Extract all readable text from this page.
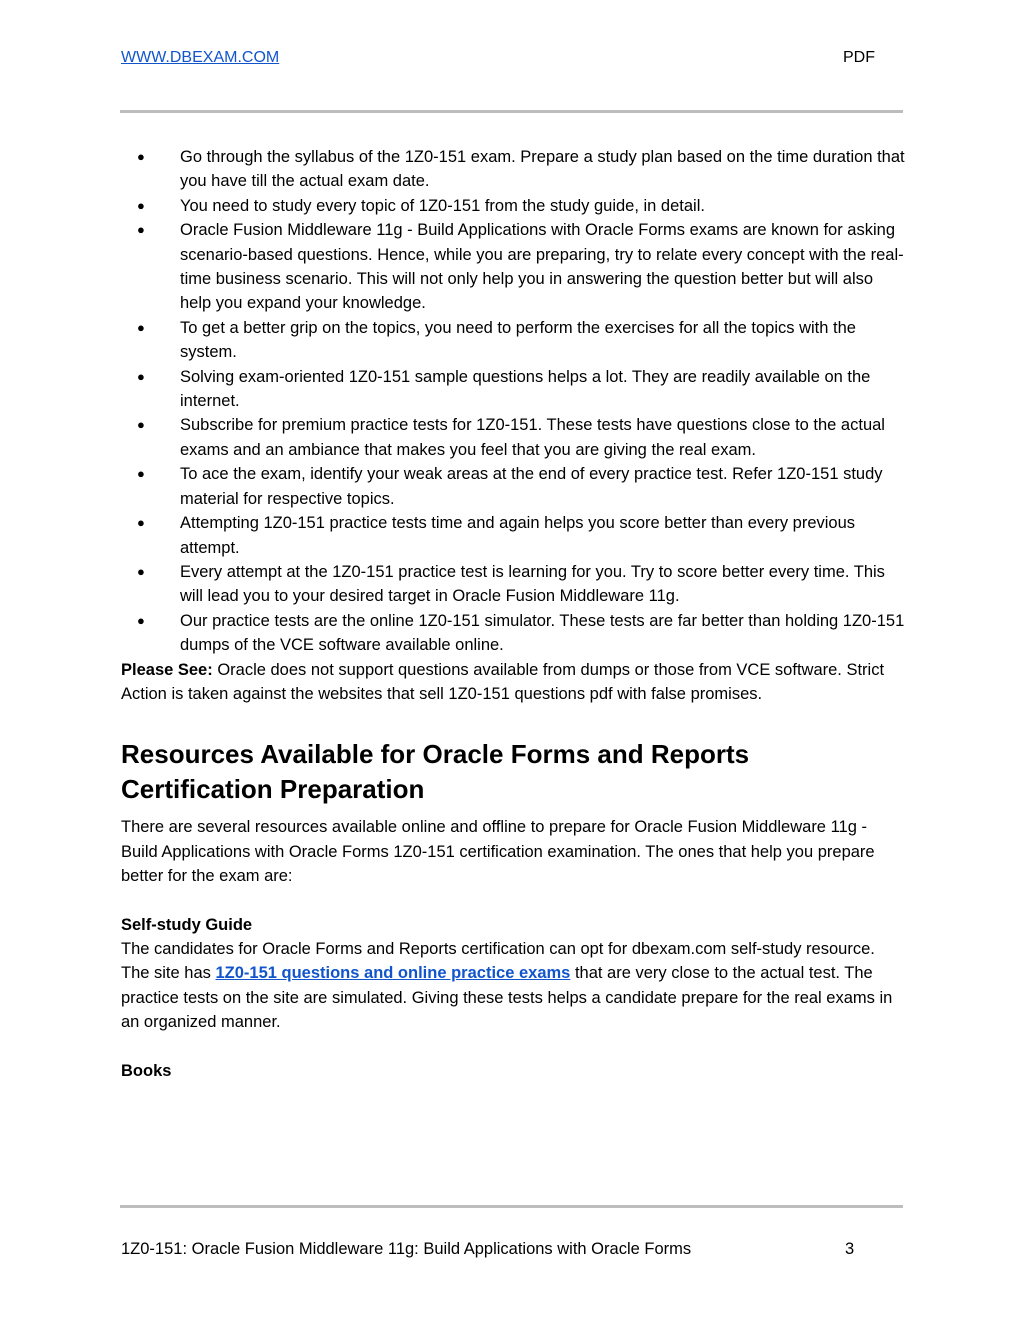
WWW.DBEXAM.COM	PDF
● Go through the syllabus of the 1Z0-151 exam. Prepare a study plan based on the time duration that you have till the actual exam date.
● You need to study every topic of 1Z0-151 from the study guide, in detail.
● Oracle Fusion Middleware 11g - Build Applications with Oracle Forms exams are known for asking scenario-based questions. Hence, while you are preparing, try to relate every concept with the real-time business scenario. This will not only help you in answering the question better but will also help you expand your knowledge.
● To get a better grip on the topics, you need to perform the exercises for all the topics with the system.
● Solving exam-oriented 1Z0-151 sample questions helps a lot. They are readily available on the internet.
● Subscribe for premium practice tests for 1Z0-151. These tests have questions close to the actual exams and an ambiance that makes you feel that you are giving the real exam.
● To ace the exam, identify your weak areas at the end of every practice test. Refer 1Z0-151 study material for respective topics.
● Attempting 1Z0-151 practice tests time and again helps you score better than every previous attempt.
● Every attempt at the 1Z0-151 practice test is learning for you. Try to score better every time. This will lead you to your desired target in Oracle Fusion Middleware 11g.
● Our practice tests are the online 1Z0-151 simulator. These tests are far better than holding 1Z0-151 dumps of the VCE software available online.

Please See: Oracle does not support questions available from dumps or those from VCE software. Strict Action is taken against the websites that sell 1Z0-151 questions pdf with false promises.

Resources Available for Oracle Forms and Reports Certification Preparation

There are several resources available online and offline to prepare for Oracle Fusion Middleware 11g - Build Applications with Oracle Forms 1Z0-151 certification examination. The ones that help you prepare better for the exam are:

Self-study Guide

The candidates for Oracle Forms and Reports certification can opt for dbexam.com self-study resource. The site has 1Z0-151 questions and online practice exams that are very close to the actual test. The practice tests on the site are simulated. Giving these tests helps a candidate prepare for the real exams in an organized manner.

Books
1Z0-151: Oracle Fusion Middleware 11g: Build Applications with Oracle Forms	3
